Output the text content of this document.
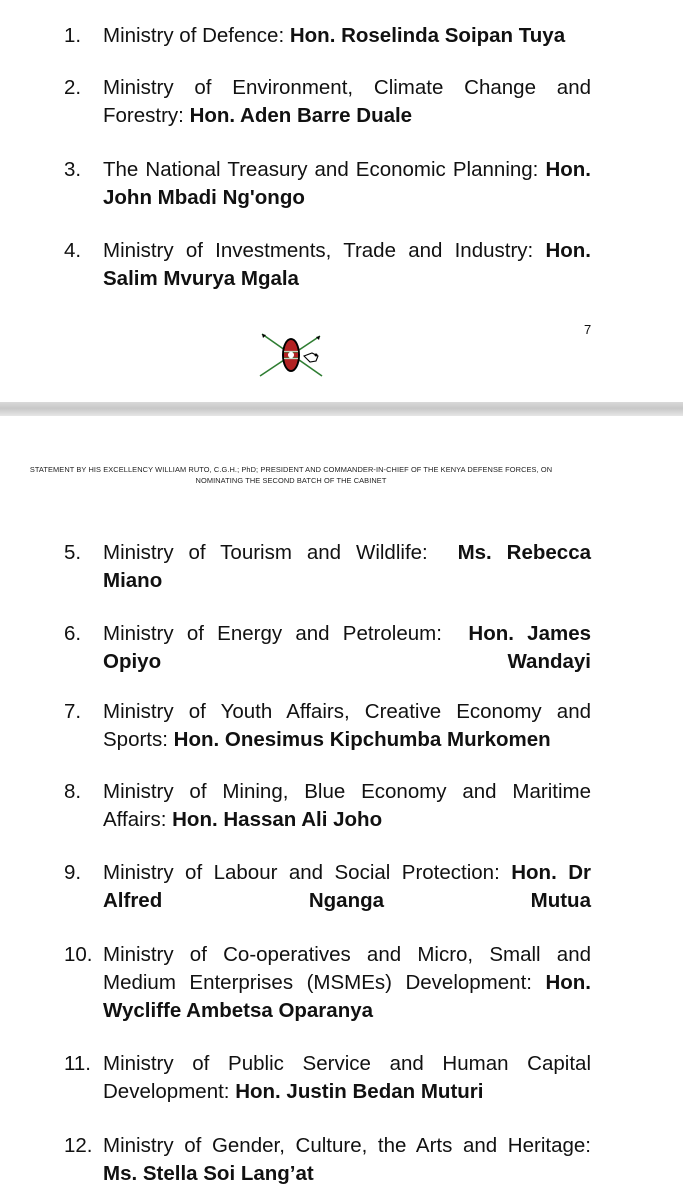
1. Ministry of Defence: Hon. Roselinda Soipan Tuya
2. Ministry of Environment, Climate Change and Forestry: Hon. Aden Barre Duale
3. The National Treasury and Economic Planning: Hon. John Mbadi Ng'ongo
4. Ministry of Investments, Trade and Industry: Hon. Salim Mvurya Mgala
7
STATEMENT BY HIS EXCELLENCY WILLIAM RUTO, C.G.H.; PhD; PRESIDENT AND COMMANDER-IN-CHIEF OF THE KENYA DEFENSE FORCES, ON
NOMINATING THE SECOND BATCH OF THE CABINET
5. Ministry of Tourism and Wildlife:  Ms. Rebecca Miano
6. Ministry of Energy and Petroleum:  Hon. James Opiyo Wandayi
7. Ministry of Youth Affairs, Creative Economy and Sports: Hon. Onesimus Kipchumba Murkomen
8. Ministry of Mining, Blue Economy and Maritime Affairs: Hon. Hassan Ali Joho
9. Ministry of Labour and Social Protection: Hon. Dr Alfred Nganga Mutua
10. Ministry of Co-operatives and Micro, Small and Medium Enterprises (MSMEs) Development: Hon. Wycliffe Ambetsa Oparanya
11. Ministry of Public Service and Human Capital Development: Hon. Justin Bedan Muturi
12. Ministry of Gender, Culture, the Arts and Heritage: Ms. Stella Soi Lang’at
